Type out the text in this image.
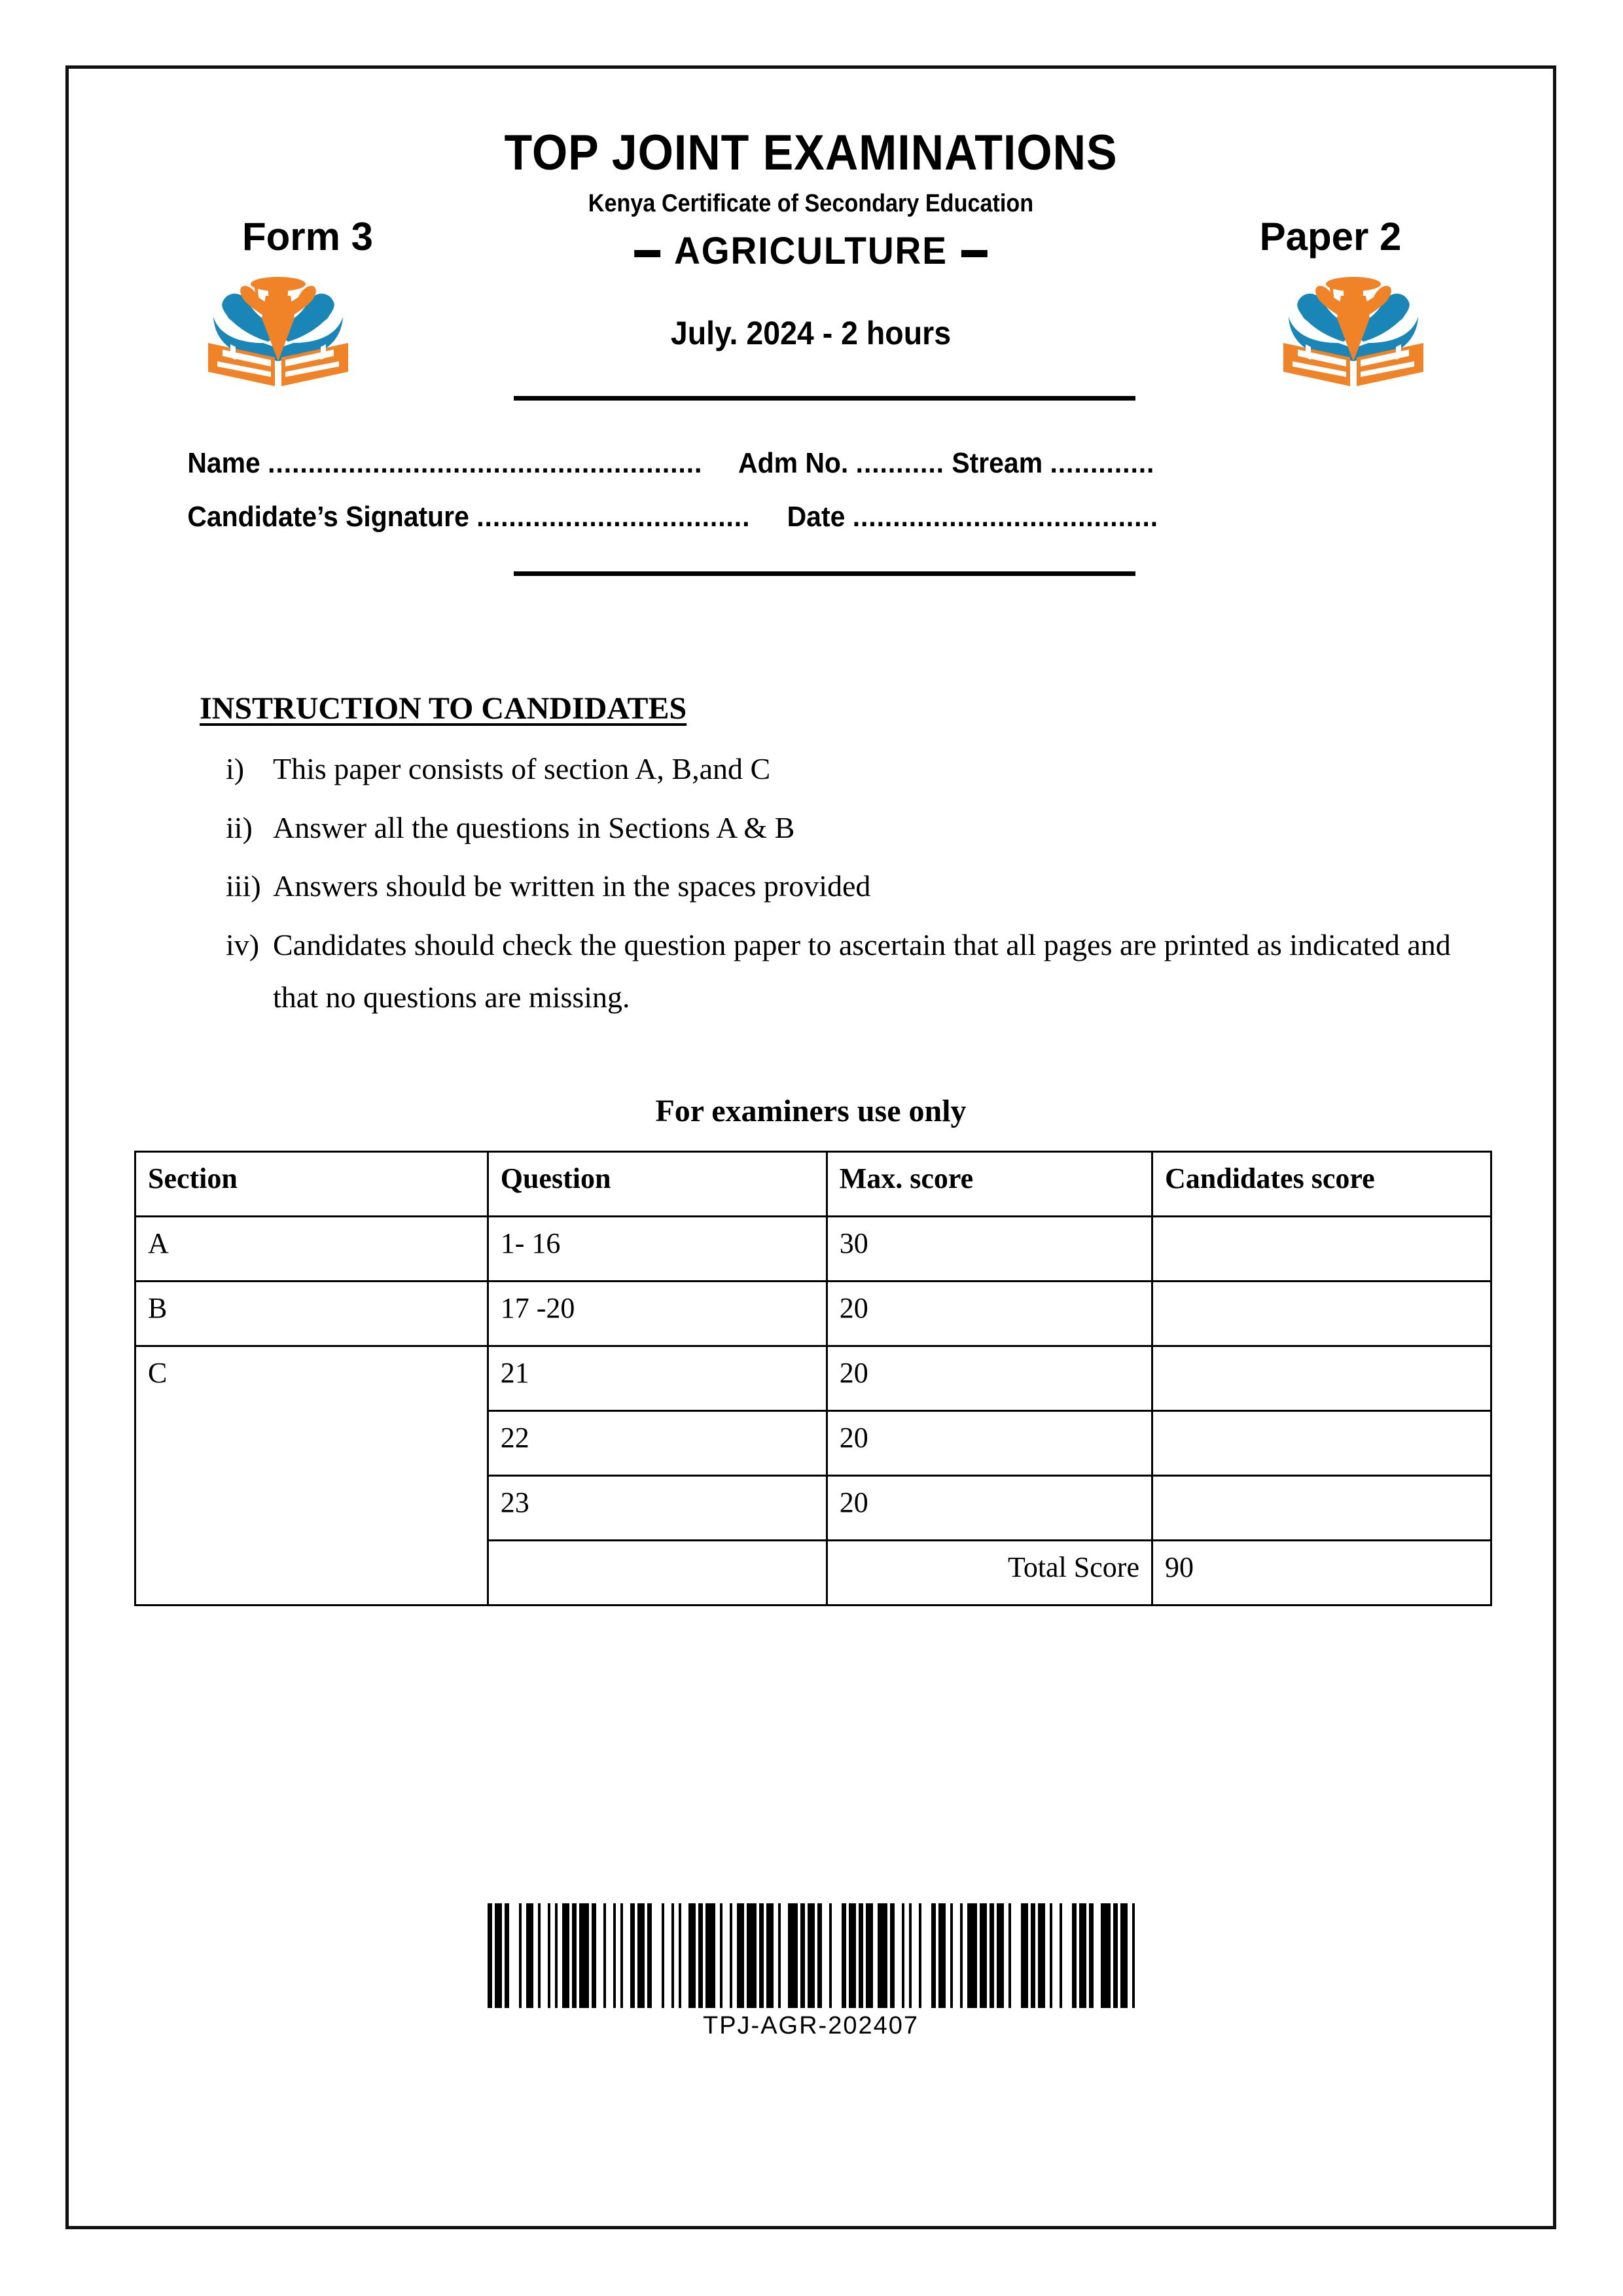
TOP JOINT EXAMINATIONS
Kenya Certificate of Secondary Education
Form 3	Paper 2
AGRICULTURE
July. 2024 - 2 hours
Name ...................................................... Adm No. ........... Stream .............
Candidate’s Signature .................................. Date ......................................
INSTRUCTION TO CANDIDATES
i) This paper consists of section A, B,and C
ii) Answer all the questions in Sections A & B
iii) Answers should be written in the spaces provided
iv) Candidates should check the question paper to ascertain that all pages are printed as indicated and that no questions are missing.
For examiners use only
Section	Question	Max. score	Candidates score
A	1- 16	30	
B	17 -20	20	
C	21	20	
	22	20	
	23	20	
		Total Score	90
TPJ-AGR-202407
